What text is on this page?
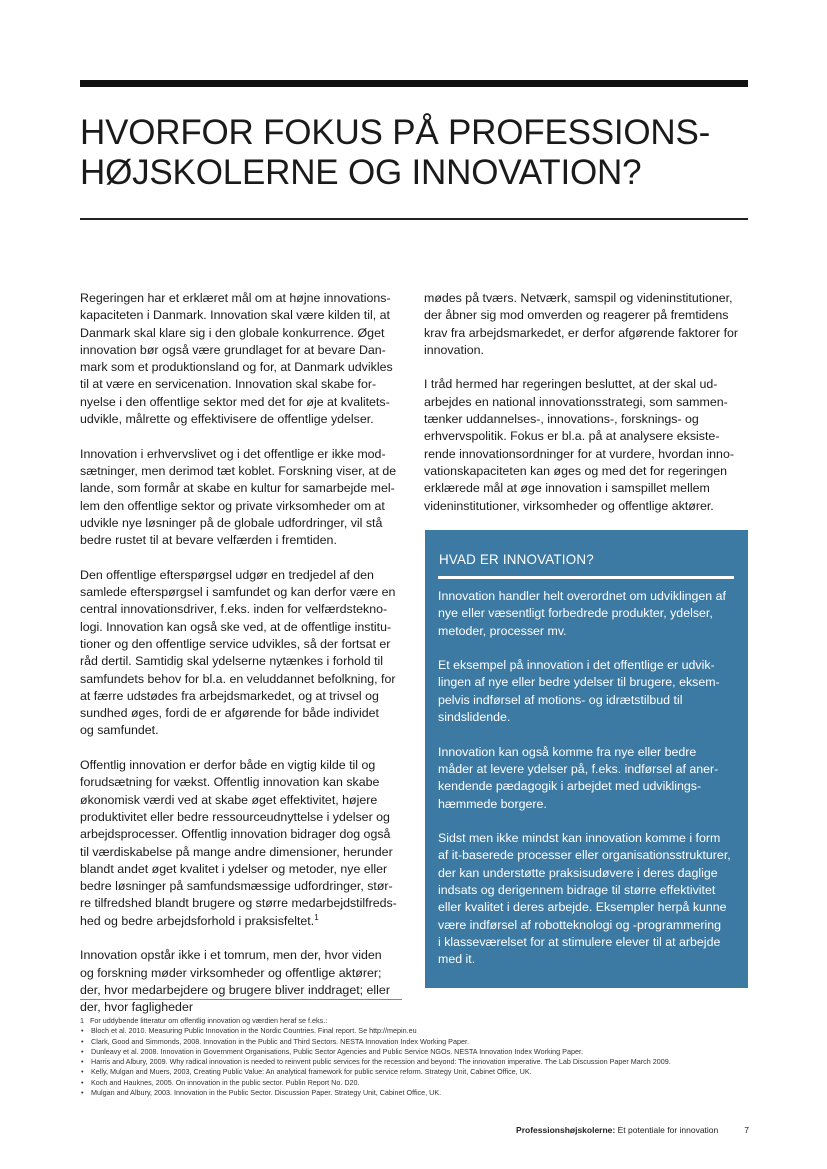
HVORFOR FOKUS PÅ PROFESSIONS-
HØJSKOLERNE OG INNOVATION?

Regeringen har et erklæret mål om at højne innovations-
kapaciteten i Danmark. Innovation skal være kilden til, at
Danmark skal klare sig i den globale konkurrence. Øget
innovation bør også være grundlaget for at bevare Dan-
mark som et produktionsland og for, at Danmark udvikles
til at være en servicenation. Innovation skal skabe for-
nyelse i den offentlige sektor med det for øje at kvalitets-
udvikle, målrette og effektivisere de offentlige ydelser.

Innovation i erhvervslivet og i det offentlige er ikke mod-
sætninger, men derimod tæt koblet. Forskning viser, at de
lande, som formår at skabe en kultur for samarbejde mel-
lem den offentlige sektor og private virksomheder om at
udvikle nye løsninger på de globale udfordringer, vil stå
bedre rustet til at bevare velfærden i fremtiden.

Den offentlige efterspørgsel udgør en tredjedel af den
samlede efterspørgsel i samfundet og kan derfor være en
central innovationsdriver, f.eks. inden for velfærdstekno-
logi. Innovation kan også ske ved, at de offentlige institu-
tioner og den offentlige service udvikles, så der fortsat er
råd dertil. Samtidig skal ydelserne nytænkes i forhold til
samfundets behov for bl.a. en veluddannet befolkning, for
at færre udstødes fra arbejdsmarkedet, og at trivsel og
sundhed øges, fordi de er afgørende for både individet
og samfundet.

Offentlig innovation er derfor både en vigtig kilde til og
forudsætning for vækst. Offentlig innovation kan skabe
økonomisk værdi ved at skabe øget effektivitet, højere
produktivitet eller bedre ressourceudnyttelse i ydelser og
arbejdsprocesser. Offentlig innovation bidrager dog også
til værdiskabelse på mange andre dimensioner, herunder
blandt andet øget kvalitet i ydelser og metoder, nye eller
bedre løsninger på samfundsmæssige udfordringer, stør-
re tilfredshed blandt brugere og større medarbejdstilfreds-
hed og bedre arbejdsforhold i praksisfeltet.$^1$

Innovation opstår ikke i et tomrum, men der, hvor viden
og forskning møder virksomheder og offentlige aktører;
der, hvor medarbejdere og brugere bliver inddraget; eller
der, hvor fagligheder

mødes på tværs. Netværk, samspil og videninstitutioner,
der åbner sig mod omverden og reagerer på fremtidens
krav fra arbejdsmarkedet, er derfor afgørende faktorer for
innovation.

I tråd hermed har regeringen besluttet, at der skal ud-
arbejdes en national innovationsstrategi, som sammen-
tænker uddannelses-, innovations-, forsknings- og
erhvervspolitik. Fokus er bl.a. på at analysere eksiste-
rende innovationsordninger for at vurdere, hvordan inno-
vationskapaciteten kan øges og med det for regeringen
erklærede mål at øge innovation i samspillet mellem
videninstitutioner, virksomheder og offentlige aktører.

HVAD ER INNOVATION?

Innovation handler helt overordnet om udviklingen af
nye eller væsentligt forbedrede produkter, ydelser,
metoder, processer mv.

Et eksempel på innovation i det offentlige er udvik-
lingen af nye eller bedre ydelser til brugere, eksem-
pelvis indførsel af motions- og idrætstilbud til
sindslidende.

Innovation kan også komme fra nye eller bedre
måder at levere ydelser på, f.eks. indførsel af aner-
kendende pædagogik i arbejdet med udviklings-
hæmmede borgere.

Sidst men ikke mindst kan innovation komme i form
af it-baserede processer eller organisationsstrukturer,
der kan understøtte praksisudøvere i deres daglige
indsats og derigennem bidrage til større effektivitet
eller kvalitet i deres arbejde. Eksempler herpå kunne
være indførsel af robotteknologi og -programmering
i klasseværelset for at stimulere elever til at arbejde
med it.

1 For uddybende litteratur om offentlig innovation og værdien heraf se f.eks.:
• Bloch et al. 2010. Measuring Public Innovation in the Nordic Countries. Final report. Se http://mepin.eu
• Clark, Good and Simmonds, 2008. Innovation in the Public and Third Sectors. NESTA Innovation Index Working Paper.
• Dunleavy et al. 2008. Innovation in Government Organisations, Public Sector Agencies and Public Service NGOs. NESTA Innovation Index Working Paper.
• Harris and Albury, 2009. Why radical innovation is needed to reinvent public services for the recession and beyond: The innovation imperative. The Lab Discussion Paper March 2009.
• Kelly, Mulgan and Muers, 2003, Creating Public Value: An analytical framework for public service reform. Strategy Unit, Cabinet Office, UK.
• Koch and Hauknes, 2005. On innovation in the public sector. Publin Report No. D20.
• Mulgan and Albury, 2003. Innovation in the Public Sector. Discussion Paper. Strategy Unit, Cabinet Office, UK.
Professionshøjskolerne: Et potentiale for innovation	7
